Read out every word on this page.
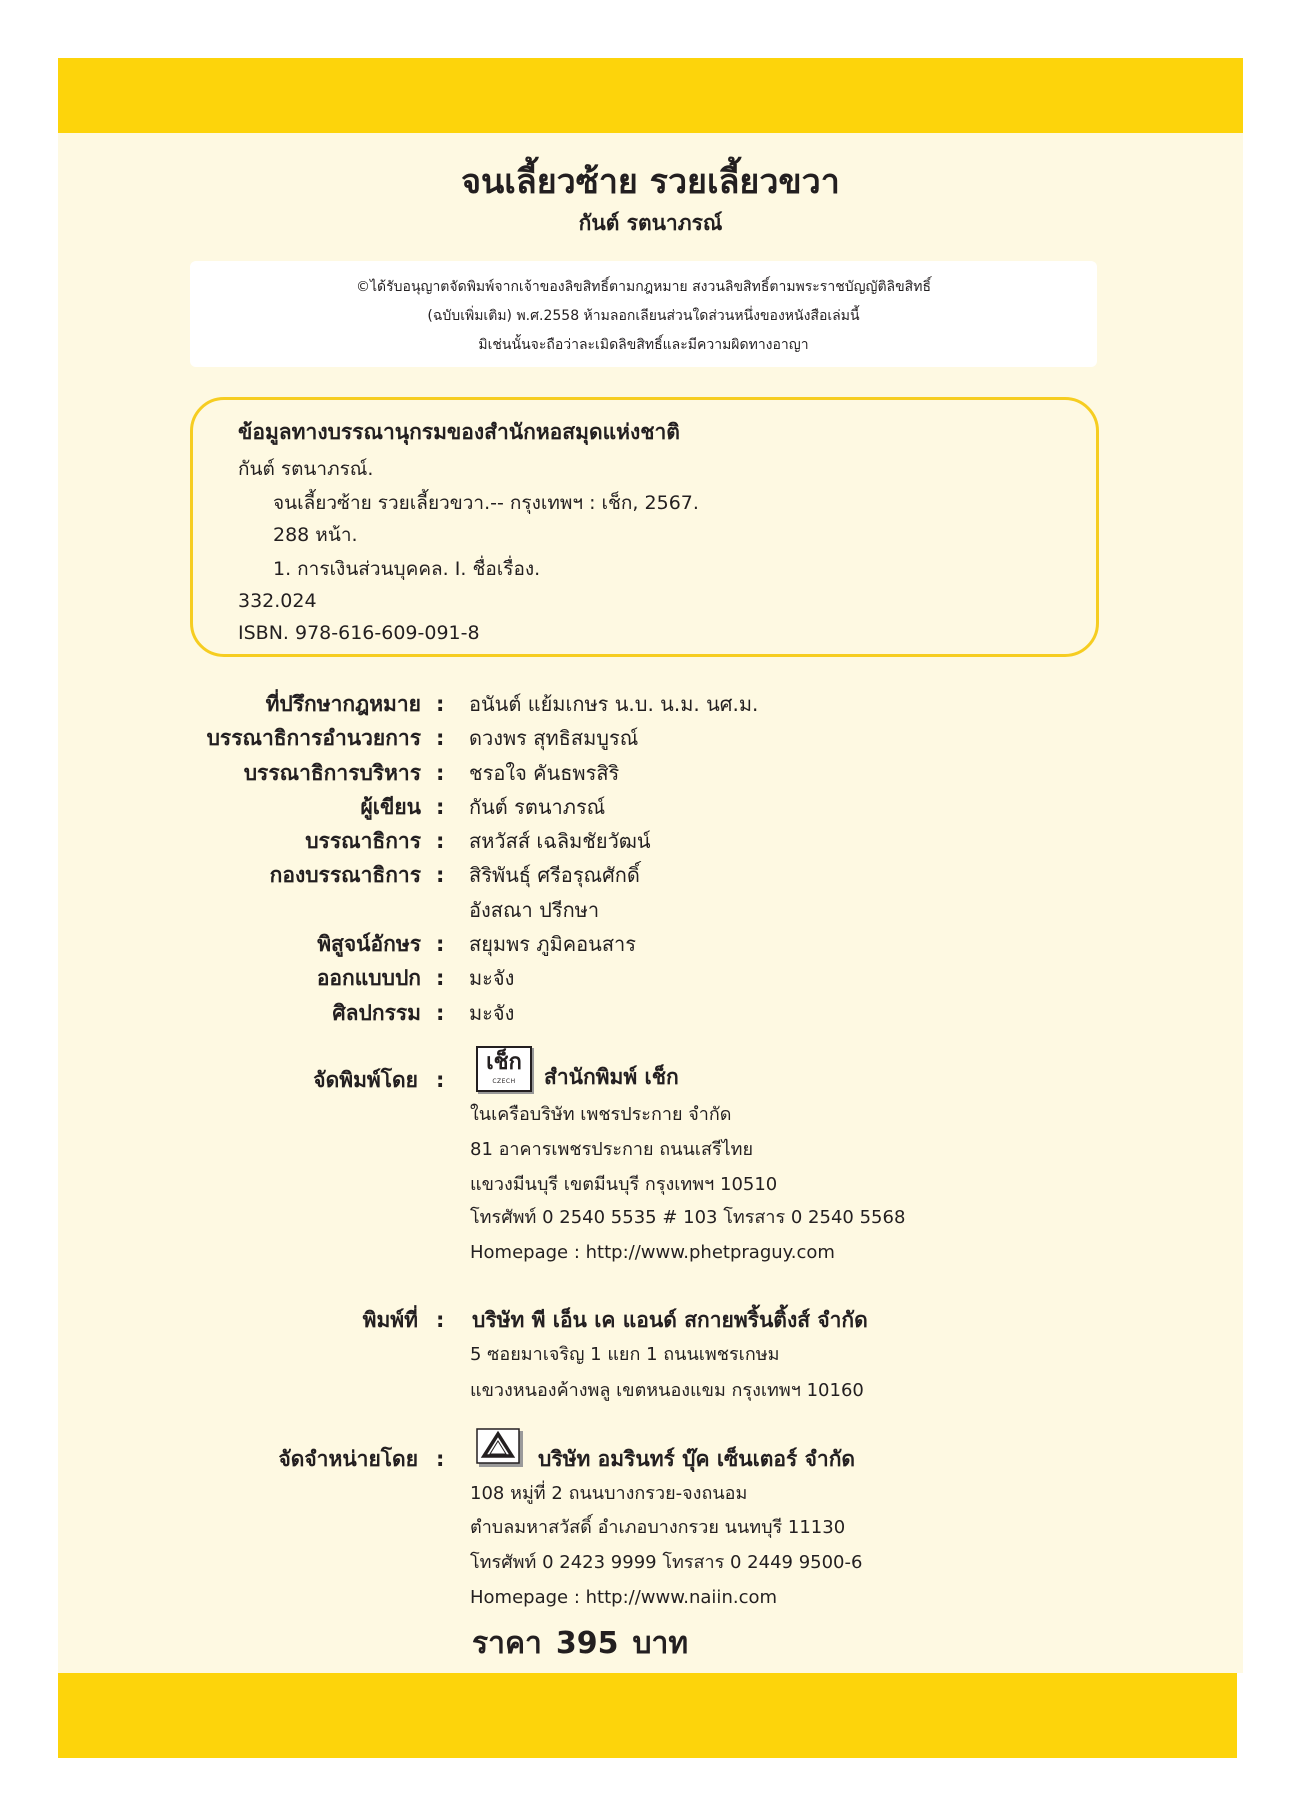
จนเลี้ยวซ้าย รวยเลี้ยวขวา
กันต์ รตนาภรณ์
©ได้รับอนุญาตจัดพิมพ์จากเจ้าของลิขสิทธิ์ตามกฎหมาย สงวนลิขสิทธิ์ตามพระราชบัญญัติลิขสิทธิ์
(ฉบับเพิ่มเติม) พ.ศ.2558 ห้ามลอกเลียนส่วนใดส่วนหนึ่งของหนังสือเล่มนี้
มิเช่นนั้นจะถือว่าละเมิดลิขสิทธิ์และมีความผิดทางอาญา
ข้อมูลทางบรรณานุกรมของสำนักหอสมุดแห่งชาติ
กันต์ รตนาภรณ์.
จนเลี้ยวซ้าย รวยเลี้ยวขวา.-- กรุงเทพฯ : เช็ก, 2567.
288 หน้า.
1. การเงินส่วนบุคคล. I. ชื่อเรื่อง.
332.024
ISBN. 978-616-609-091-8
ที่ปรึกษากฎหมาย : อนันต์ แย้มเกษร น.บ. น.ม. นศ.ม.
บรรณาธิการอำนวยการ : ดวงพร สุทธิสมบูรณ์
บรรณาธิการบริหาร : ชรอใจ คันธพรสิริ
ผู้เขียน : กันต์ รตนาภรณ์
บรรณาธิการ : สหวัสส์ เฉลิมชัยวัฒน์
กองบรรณาธิการ : สิริพันธุ์ ศรีอรุณศักดิ์
อังสณา ปรีกษา
พิสูจน์อักษร : สยุมพร ภูมิคอนสาร
ออกแบบปก : มะจัง
ศิลปกรรม : มะจัง
จัดพิมพ์โดย :
เช็ก
CZECH	สำนักพิมพ์ เช็ก
ในเครือบริษัท เพชรประกาย จำกัด
81 อาคารเพชรประกาย ถนนเสรีไทย
แขวงมีนบุรี เขตมีนบุรี กรุงเทพฯ 10510
โทรศัพท์ 0 2540 5535 # 103 โทรสาร 0 2540 5568
Homepage : http://www.phetpraguy.com
พิมพ์ที่ : บริษัท พี เอ็น เค แอนด์ สกายพริ้นติ้งส์ จำกัด
5 ซอยมาเจริญ 1 แยก 1 ถนนเพชรเกษม
แขวงหนองค้างพลู เขตหนองแขม กรุงเทพฯ 10160
จัดจำหน่ายโดย :	บริษัท อมรินทร์ บุ๊ค เซ็นเตอร์ จำกัด
108 หมู่ที่ 2 ถนนบางกรวย-จงถนอม
ตำบลมหาสวัสดิ์ อำเภอบางกรวย นนทบุรี 11130
โทรศัพท์ 0 2423 9999 โทรสาร 0 2449 9500-6
Homepage : http://www.naiin.com
ราคา 395 บาท
